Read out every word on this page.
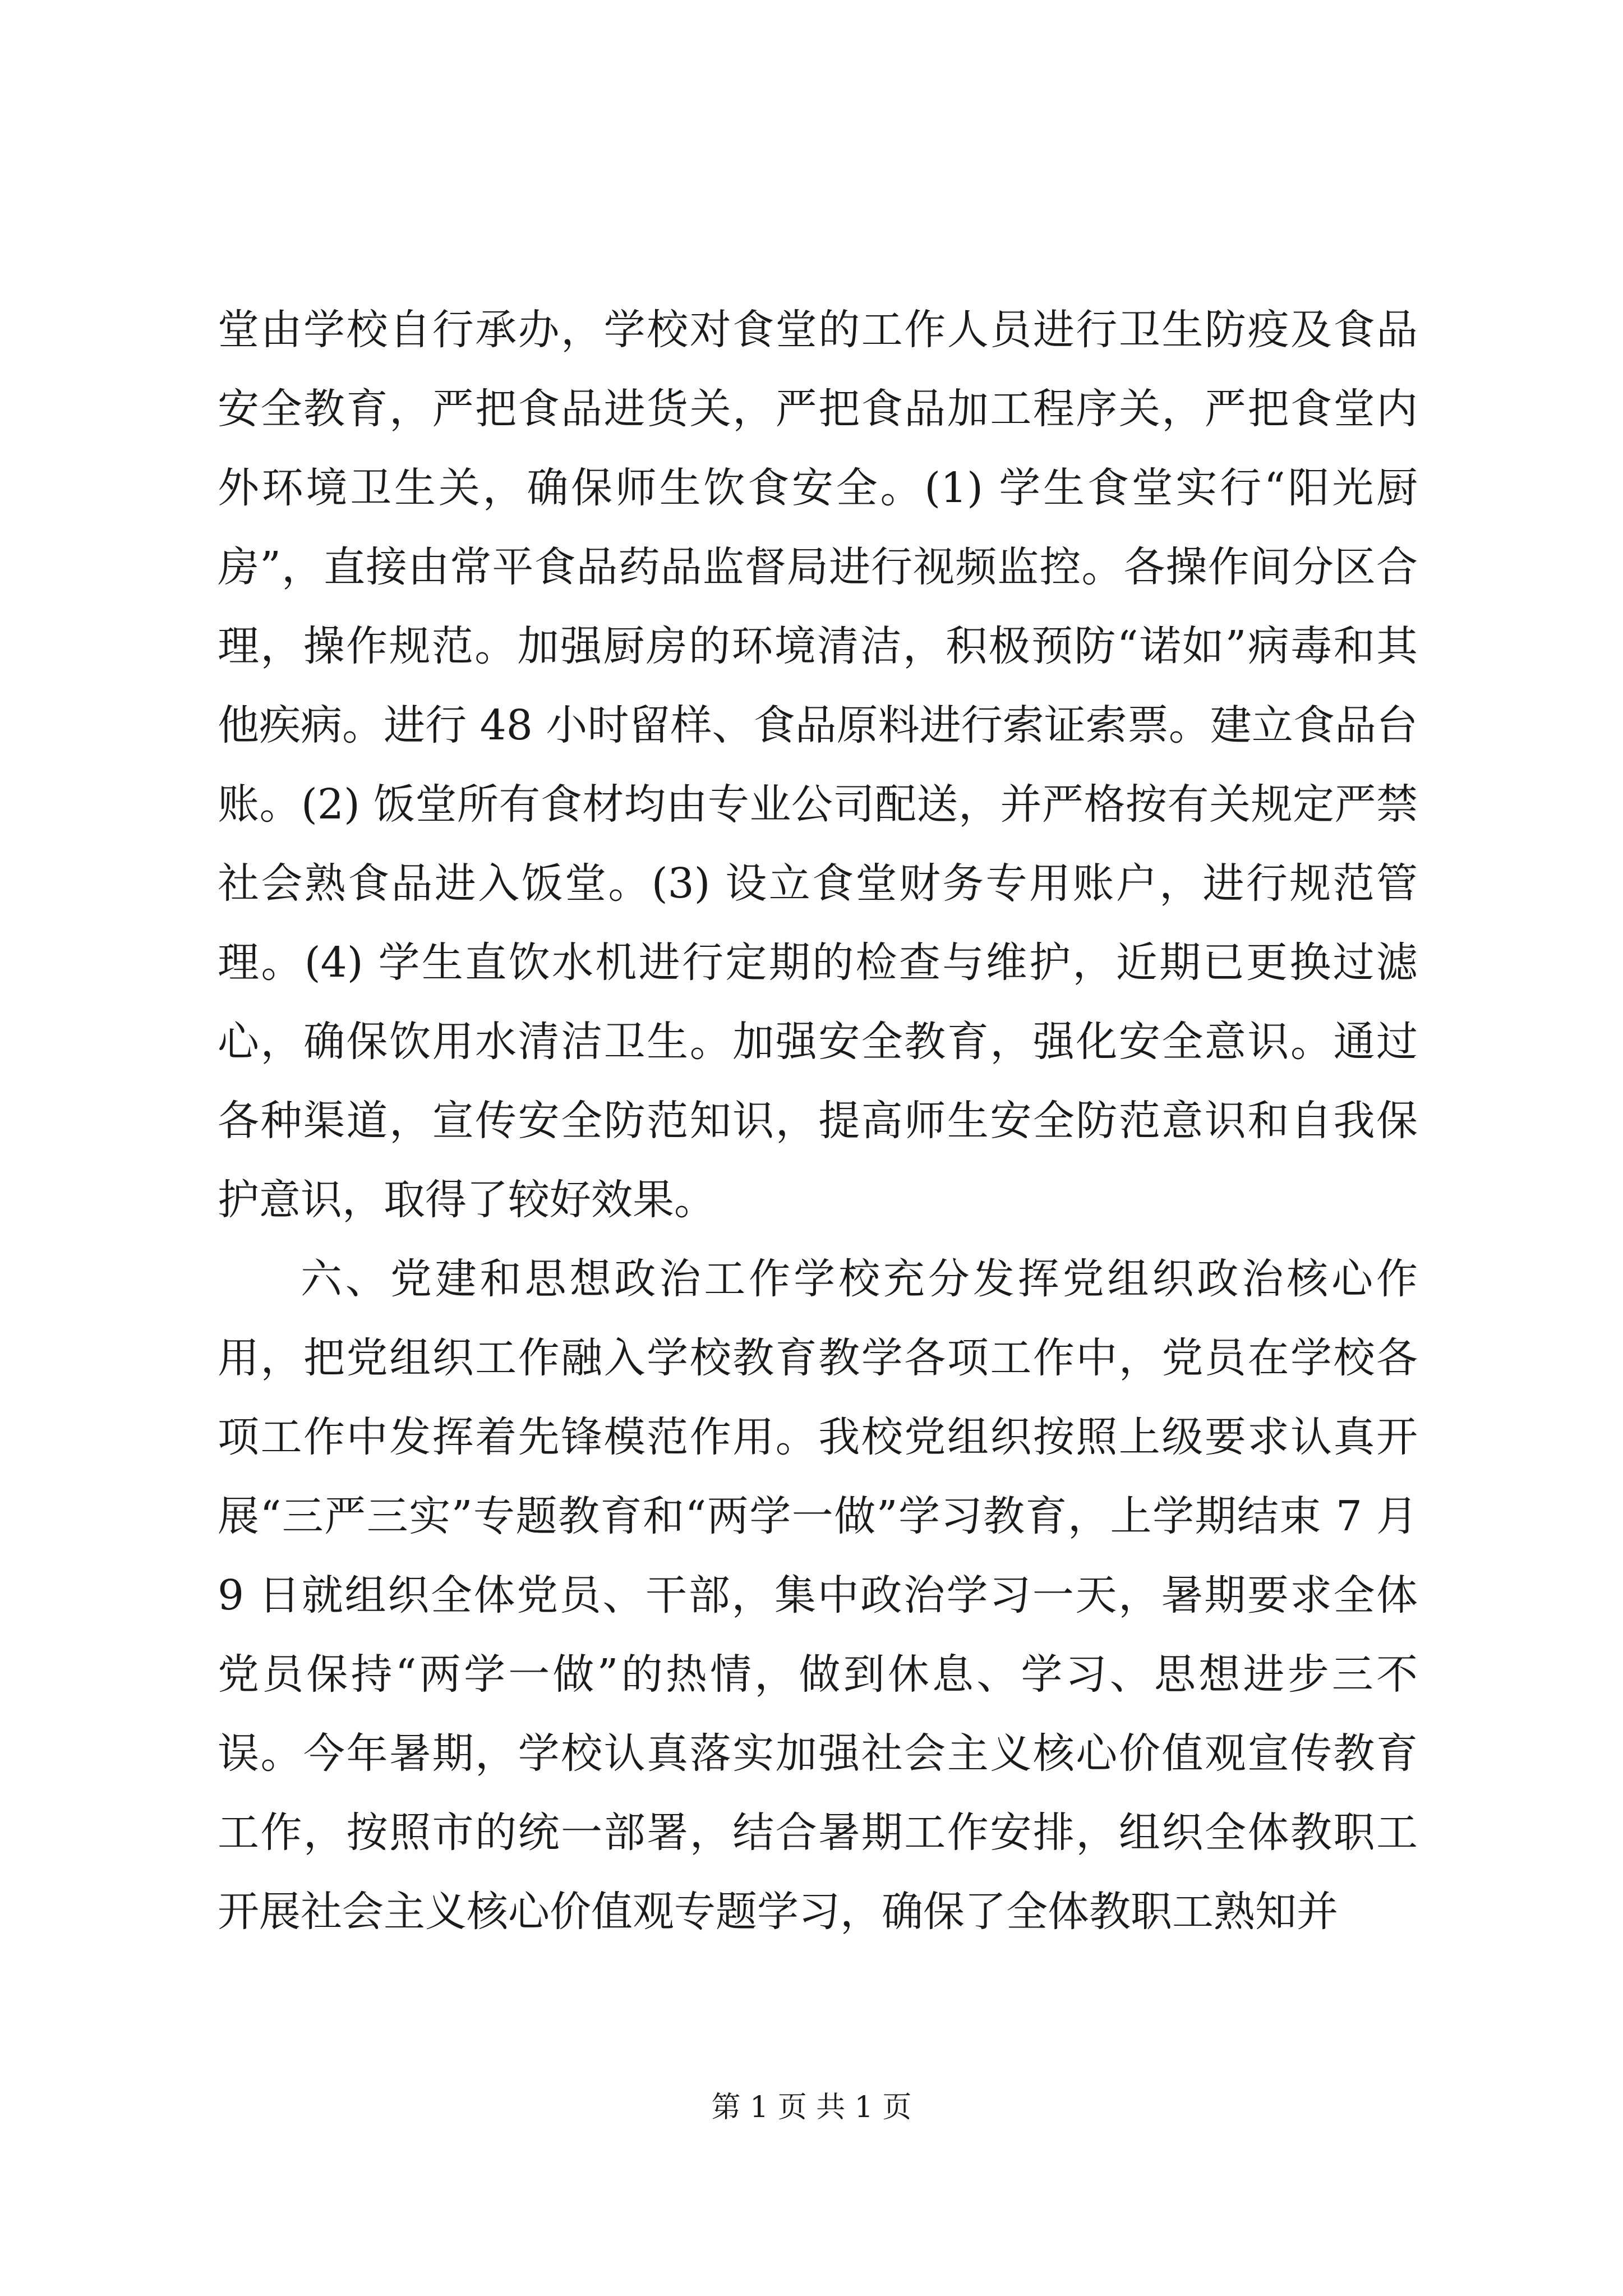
堂由学校自行承办，学校对食堂的工作人员进行卫生防疫及食品安全教育，严把食品进货关，严把食品加工程序关，严把食堂内外环境卫生关，确保师生饮食安全。(1) 学生食堂实行“阳光厨房”，直接由常平食品药品监督局进行视频监控。各操作间分区合理，操作规范。加强厨房的环境清洁，积极预防“诺如”病毒和其他疾病。进行 48 小时留样、食品原料进行索证索票。建立食品台账。(2) 饭堂所有食材均由专业公司配送，并严格按有关规定严禁社会熟食品进入饭堂。(3) 设立食堂财务专用账户，进行规范管理。(4) 学生直饮水机进行定期的检查与维护，近期已更换过滤心，确保饮用水清洁卫生。加强安全教育，强化安全意识。通过各种渠道，宣传安全防范知识，提高师生安全防范意识和自我保护意识，取得了较好效果。

六、党建和思想政治工作学校充分发挥党组织政治核心作用，把党组织工作融入学校教育教学各项工作中，党员在学校各项工作中发挥着先锋模范作用。我校党组织按照上级要求认真开展“三严三实”专题教育和“两学一做”学习教育，上学期结束 7 月 9 日就组织全体党员、干部，集中政治学习一天，暑期要求全体党员保持“两学一做”的热情，做到休息、学习、思想进步三不误。今年暑期，学校认真落实加强社会主义核心价值观宣传教育工作，按照市的统一部署，结合暑期工作安排，组织全体教职工开展社会主义核心价值观专题学习，确保了全体教职工熟知并

第 1 页 共 1 页
